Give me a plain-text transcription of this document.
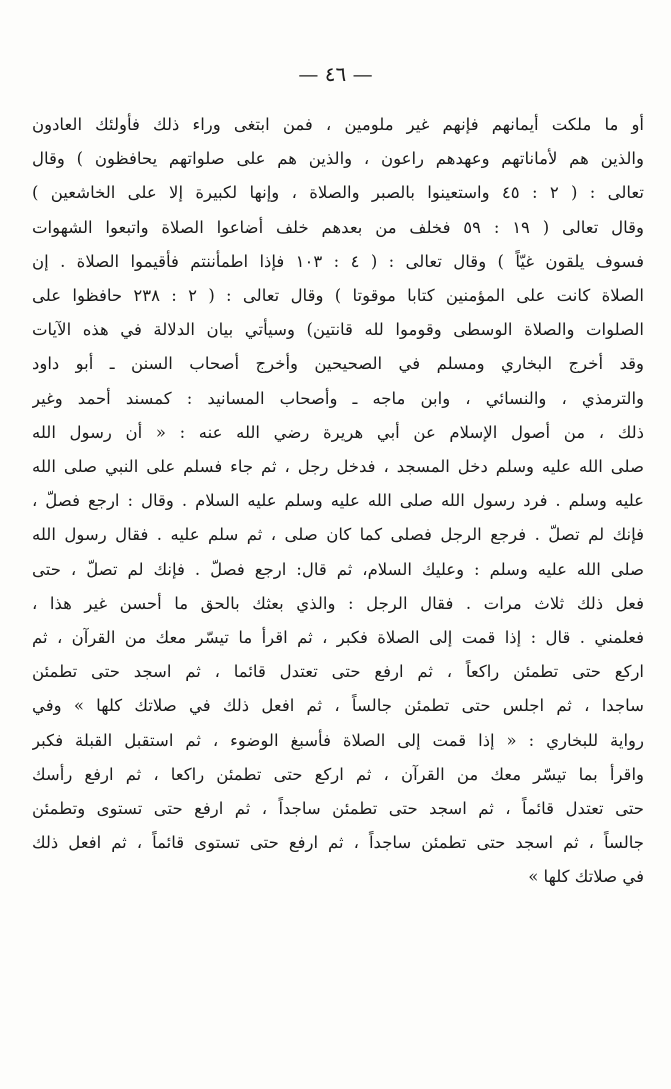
— ٤٦ —
أو ما ملكت أيمانهم فإنهم غير ملومين ، فمن ابتغى وراء ذلك فأولئك العادون
والذين هم لأماناتهم وعهدهم راعون ، والذين هم على صلواتهم يحافظون ) وقال
تعالى : ( ٢ : ٤٥ واستعينوا بالصبر والصلاة ، وإنها لكبيرة إلا على الخاشعين )
وقال تعالى ( ١٩ : ٥٩ فخلف من بعدهم خلف أضاعوا الصلاة واتبعوا الشهوات
فسوف يلقون غيّاً ) وقال تعالى : ( ٤ : ١٠٣ فإذا اطمأننتم فأقيموا الصلاة . إن
الصلاة كانت على المؤمنين كتابا موقوتا ) وقال تعالى : ( ٢ : ٢٣٨ حافظوا على
الصلوات والصلاة الوسطى وقوموا لله قانتين) وسيأتي بيان الدلالة في هذه الآيات
وقد أخرج البخاري ومسلم في الصحيحين وأخرج أصحاب السنن ـ أبو داود
والترمذي ، والنسائي ، وابن ماجه ـ وأصحاب المسانيد : كمسند أحمد وغير
ذلك ، من أصول الإسلام عن أبي هريرة رضي الله عنه : « أن رسول الله
صلى الله عليه وسلم دخل المسجد ، فدخل رجل ، ثم جاء فسلم على النبي صلى الله
عليه وسلم . فرد رسول الله صلى الله عليه وسلم عليه السلام . وقال : ارجع فصلّ ،
فإنك لم تصلّ . فرجع الرجل فصلى كما كان صلى ، ثم سلم عليه . فقال رسول الله
صلى الله عليه وسلم : وعليك السلام، ثم قال: ارجع فصلّ . فإنك لم تصلّ ، حتى
فعل ذلك ثلاث مرات . فقال الرجل : والذي بعثك بالحق ما أحسن غير هذا ،
فعلمني . قال : إذا قمت إلى الصلاة فكبر ، ثم اقرأ ما تيسّر معك من القرآن ، ثم
اركع حتى تطمئن راكعاً ، ثم ارفع حتى تعتدل قائما ، ثم اسجد حتى تطمئن
ساجدا ، ثم اجلس حتى تطمئن جالساً ، ثم افعل ذلك في صلاتك كلها » وفي
رواية للبخاري : « إذا قمت إلى الصلاة فأسبغ الوضوء ، ثم استقبل القبلة فكبر
واقرأ بما تيسّر معك من القرآن ، ثم اركع حتى تطمئن راكعا ، ثم ارفع رأسك
حتى تعتدل قائماً ، ثم اسجد حتى تطمئن ساجداً ، ثم ارفع حتى تستوى وتطمئن
جالساً ، ثم اسجد حتى تطمئن ساجداً ، ثم ارفع حتى تستوى قائماً ، ثم افعل ذلك
في صلاتك كلها »
